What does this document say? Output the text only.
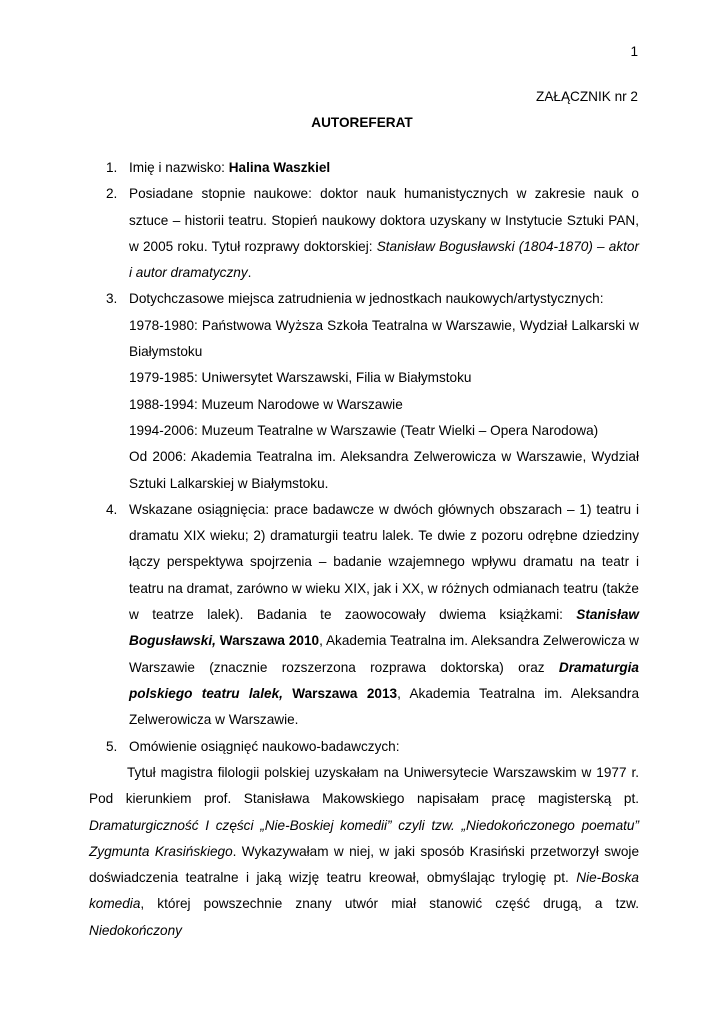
1
ZAŁĄCZNIK nr 2
AUTOREFERAT
1. Imię i nazwisko: Halina Waszkiel
2. Posiadane stopnie naukowe: doktor nauk humanistycznych w zakresie nauk o sztuce – historii teatru. Stopień naukowy doktora uzyskany w Instytucie Sztuki PAN, w 2005 roku. Tytuł rozprawy doktorskiej: Stanisław Bogusławski (1804-1870) – aktor i autor dramatyczny.
3. Dotychczasowe miejsca zatrudnienia w jednostkach naukowych/artystycznych:
1978-1980: Państwowa Wyższa Szkoła Teatralna w Warszawie, Wydział Lalkarski w Białymstoku
1979-1985: Uniwersytet Warszawski, Filia w Białymstoku
1988-1994: Muzeum Narodowe w Warszawie
1994-2006: Muzeum Teatralne w Warszawie (Teatr Wielki – Opera Narodowa)
Od 2006: Akademia Teatralna im. Aleksandra Zelwerowicza w Warszawie, Wydział Sztuki Lalkarskiej w Białymstoku.
4. Wskazane osiągnięcia: prace badawcze w dwóch głównych obszarach – 1) teatru i dramatu XIX wieku; 2) dramaturgii teatru lalek. Te dwie z pozoru odrębne dziedziny łączy perspektywa spojrzenia – badanie wzajemnego wpływu dramatu na teatr i teatru na dramat, zarówno w wieku XIX, jak i XX, w różnych odmianach teatru (także w teatrze lalek). Badania te zaowocowały dwiema książkami: Stanisław Bogusławski, Warszawa 2010, Akademia Teatralna im. Aleksandra Zelwerowicza w Warszawie (znacznie rozszerzona rozprawa doktorska) oraz Dramaturgia polskiego teatru lalek, Warszawa 2013, Akademia Teatralna im. Aleksandra Zelwerowicza w Warszawie.
5. Omówienie osiągnięć naukowo-badawczych:

Tytuł magistra filologii polskiej uzyskałam na Uniwersytecie Warszawskim w 1977 r. Pod kierunkiem prof. Stanisława Makowskiego napisałam pracę magisterską pt. Dramaturgiczność I części „Nie-Boskiej komedii” czyli tzw. „Niedokończonego poematu” Zygmunta Krasińskiego. Wykazywałam w niej, w jaki sposób Krasiński przetworzył swoje doświadczenia teatralne i jaką wizję teatru kreował, obmyślając trylogię pt. Nie-Boska komedia, której powszechnie znany utwór miał stanowić część drugą, a tzw. Niedokończony
